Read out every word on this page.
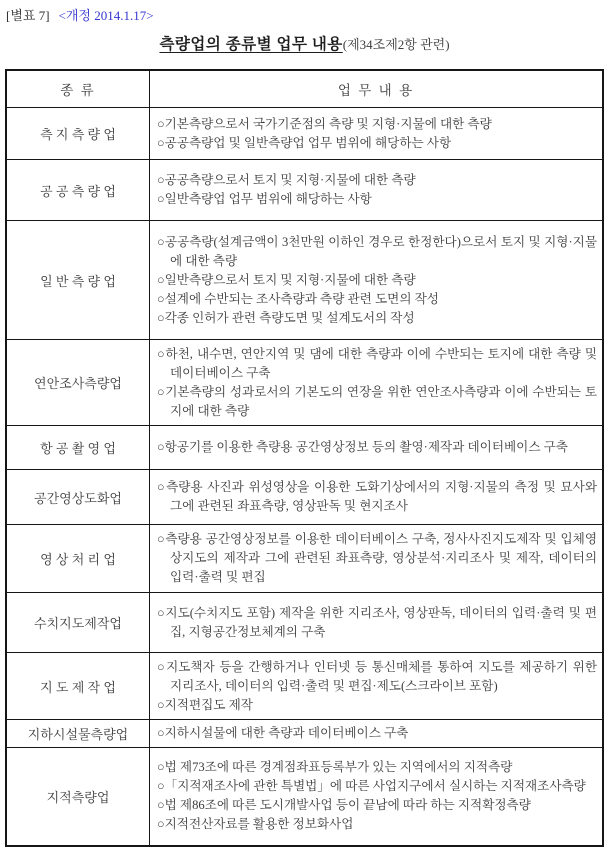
[별표 7] <개정 2014.1.17>
측량업의 종류별 업무 내용(제34조제2항 관련)
종 류	업 무 내 용
측 지 측 량 업	○기본측량으로서 국가기준점의 측량 및 지형·지물에 대한 측량
○공공측량업 및 일반측량업 업무 범위에 해당하는 사항

공 공 측 량 업	○공공측량으로서 토지 및 지형·지물에 대한 측량
○일반측량업 업무 범위에 해당하는 사항

일 반 측 량 업	○공공측량(설계금액이 3천만원 이하인 경우로 한정한다)으로서 토지 및 지형·지물에 대한 측량
○일반측량으로서 토지 및 지형·지물에 대한 측량
○설계에 수반되는 조사측량과 측량 관련 도면의 작성
○각종 인허가 관련 측량도면 및 설계도서의 작성

연안조사측량업	○하천, 내수면, 연안지역 및 댐에 대한 측량과 이에 수반되는 토지에 대한 측량 및 데이터베이스 구축
○기본측량의 성과로서의 기본도의 연장을 위한 연안조사측량과 이에 수반되는 토지에 대한 측량

항 공 촬 영 업	○항공기를 이용한 측량용 공간영상정보 등의 촬영·제작과 데이터베이스 구축

공간영상도화업	○측량용 사진과 위성영상을 이용한 도화기상에서의 지형·지물의 측정 및 묘사와 그에 관련된 좌표측량, 영상판독 및 현지조사

영 상 처 리 업	○측량용 공간영상정보를 이용한 데이터베이스 구축, 정사사진지도제작 및 입체영상지도의 제작과 그에 관련된 좌표측량, 영상분석·지리조사 및 제작, 데이터의 입력·출력 및 편집

수치지도제작업	○지도(수치지도 포함) 제작을 위한 지리조사, 영상판독, 데이터의 입력·출력 및 편집, 지형공간정보체계의 구축

지 도 제 작 업	○지도책자 등을 간행하거나 인터넷 등 통신매체를 통하여 지도를 제공하기 위한 지리조사, 데이터의 입력·출력 및 편집·제도(스크라이브 포함)
○지적편집도 제작

지하시설물측량업	○지하시설물에 대한 측량과 데이터베이스 구축

지적측량업	○법 제73조에 따른 경계점좌표등록부가 있는 지역에서의 지적측량
○「지적재조사에 관한 특별법」에 따른 사업지구에서 실시하는 지적재조사측량
○법 제86조에 따른 도시개발사업 등이 끝남에 따라 하는 지적확정측량
○지적전산자료를 활용한 정보화사업
